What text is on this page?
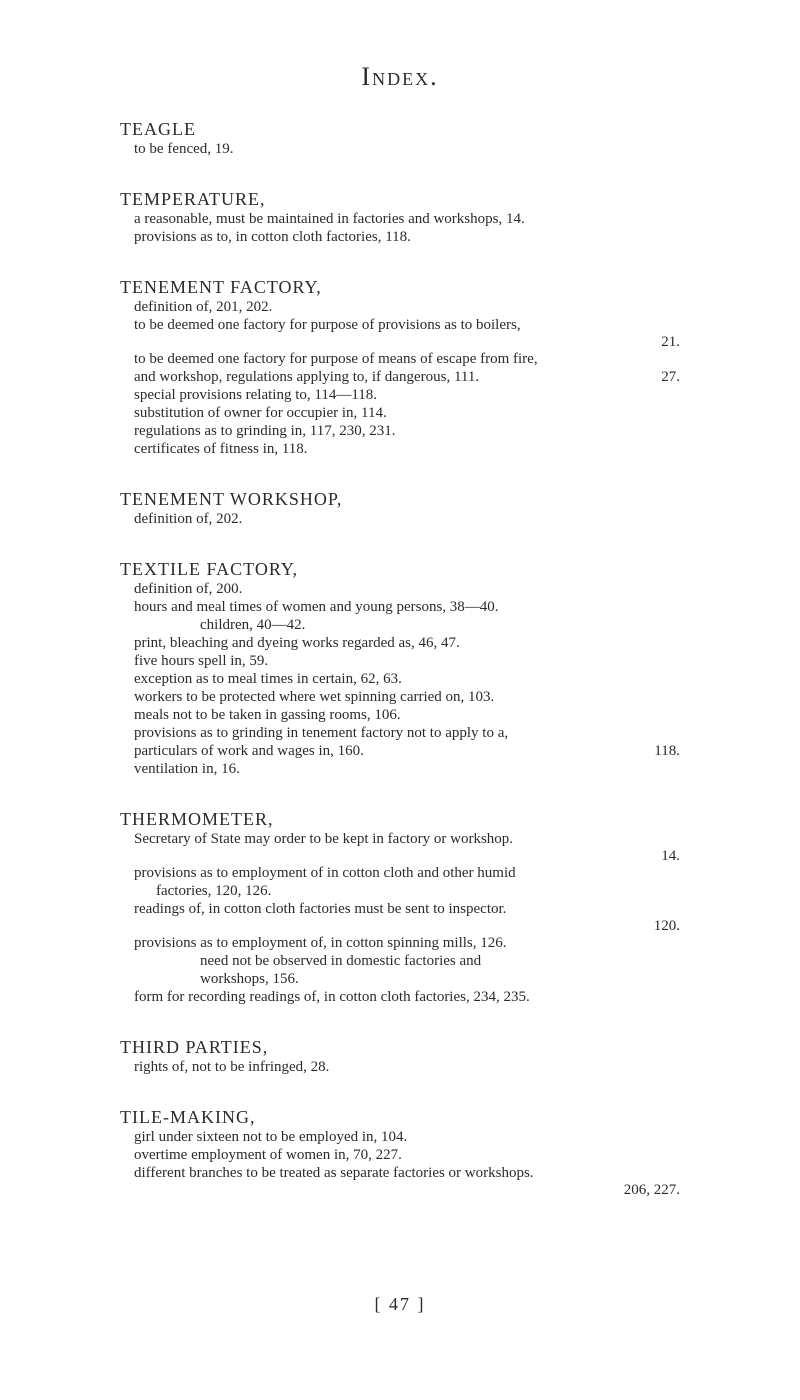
Index.
TEAGLE
to be fenced, 19.
TEMPERATURE,
a reasonable, must be maintained in factories and workshops, 14.
provisions as to, in cotton cloth factories, 118.
TENEMENT FACTORY,
definition of, 201, 202.
to be deemed one factory for purpose of provisions as to boilers,
21.
to be deemed one factory for purpose of means of escape from fire,
and workshop, regulations applying to, if dangerous, 111.	27.
special provisions relating to, 114—118.
substitution of owner for occupier in, 114.
regulations as to grinding in, 117, 230, 231.
certificates of fitness in, 118.
TENEMENT WORKSHOP,
definition of, 202.
TEXTILE FACTORY,
definition of, 200.
hours and meal times of women and young persons, 38—40.
children, 40—42.
print, bleaching and dyeing works regarded as, 46, 47.
five hours spell in, 59.
exception as to meal times in certain, 62, 63.
workers to be protected where wet spinning carried on, 103.
meals not to be taken in gassing rooms, 106.
provisions as to grinding in tenement factory not to apply to a,
particulars of work and wages in, 160.	118.
ventilation in, 16.
THERMOMETER,
Secretary of State may order to be kept in factory or workshop.
14.
provisions as to employment of in cotton cloth and other humid
factories, 120, 126.
readings of, in cotton cloth factories must be sent to inspector.
120.
provisions as to employment of, in cotton spinning mills, 126.
need not be observed in domestic factories and
workshops, 156.
form for recording readings of, in cotton cloth factories, 234, 235.
THIRD PARTIES,
rights of, not to be infringed, 28.
TILE-MAKING,
girl under sixteen not to be employed in, 104.
overtime employment of women in, 70, 227.
different branches to be treated as separate factories or workshops.
206, 227.
[ 47 ]
